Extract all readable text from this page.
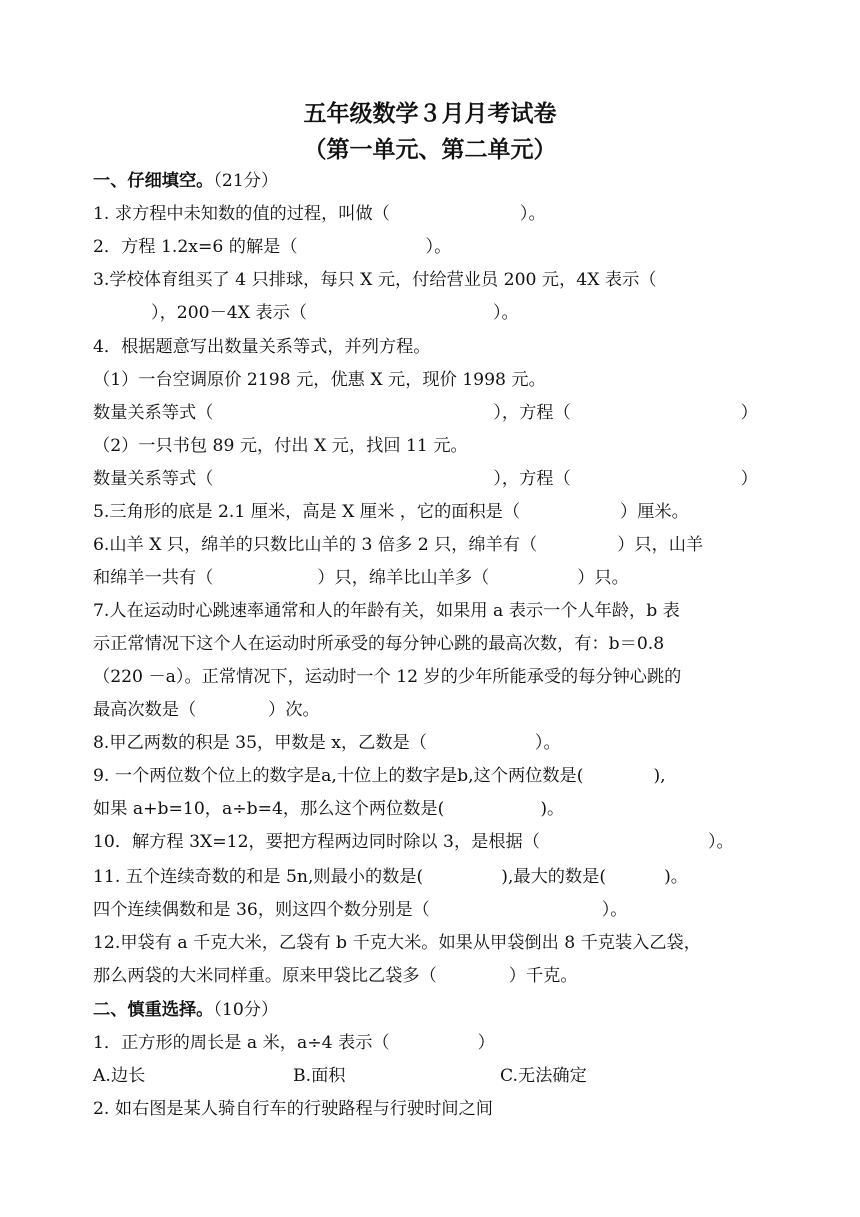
五年级数学３月月考试卷
（第一单元、第二单元）
一、仔细填空。（21分）
1. 求方程中未知数的值的过程，叫做（	）。
2．方程 1.2x=6 的解是（	）。
3.学校体育组买了 4 只排球，每只 X 元，付给营业员 200 元，4X 表示（
），200－4X 表示（	）。
4．根据题意写出数量关系等式，并列方程。
（1）一台空调原价 2198 元，优惠 X 元，现价 1998 元。
数量关系等式（	），方程（	）
（2）一只书包 89 元，付出 X 元，找回 11 元。
数量关系等式（	），方程（	）
5.三角形的底是 2.1 厘米，高是 X 厘米 ，它的面积是（	）厘米。
6.山羊 X 只，绵羊的只数比山羊的 3 倍多 2 只，绵羊有（	）只，山羊
和绵羊一共有（	）只，绵羊比山羊多（	）只。
7.人在运动时心跳速率通常和人的年龄有关，如果用 a 表示一个人年龄，b 表
示正常情况下这个人在运动时所承受的每分钟心跳的最高次数，有：b＝0.8
（220 －a）。正常情况下，运动时一个 12 岁的少年所能承受的每分钟心跳的
最高次数是（	）次。
8.甲乙两数的积是 35，甲数是 x，乙数是（	）。
9. 一个两位数个位上的数字是a,十位上的数字是b,这个两位数是(	),
如果 a+b=10，a÷b=4，那么这个两位数是(	)。
10．解方程 3X=12，要把方程两边同时除以 3，是根据（	）。
11. 五个连续奇数的和是 5n,则最小的数是(	),最大的数是(	)。
四个连续偶数和是 36，则这四个数分别是（	）。
12.甲袋有 a 千克大米，乙袋有 b 千克大米。如果从甲袋倒出 8 千克装入乙袋，
那么两袋的大米同样重。原来甲袋比乙袋多（	）千克。
二、慎重选择。（10分）
1．正方形的周长是 a 米，a÷4 表示（	）
A.边长	B.面积	C.无法确定
2. 如右图是某人骑自行车的行驶路程与行驶时间之间
